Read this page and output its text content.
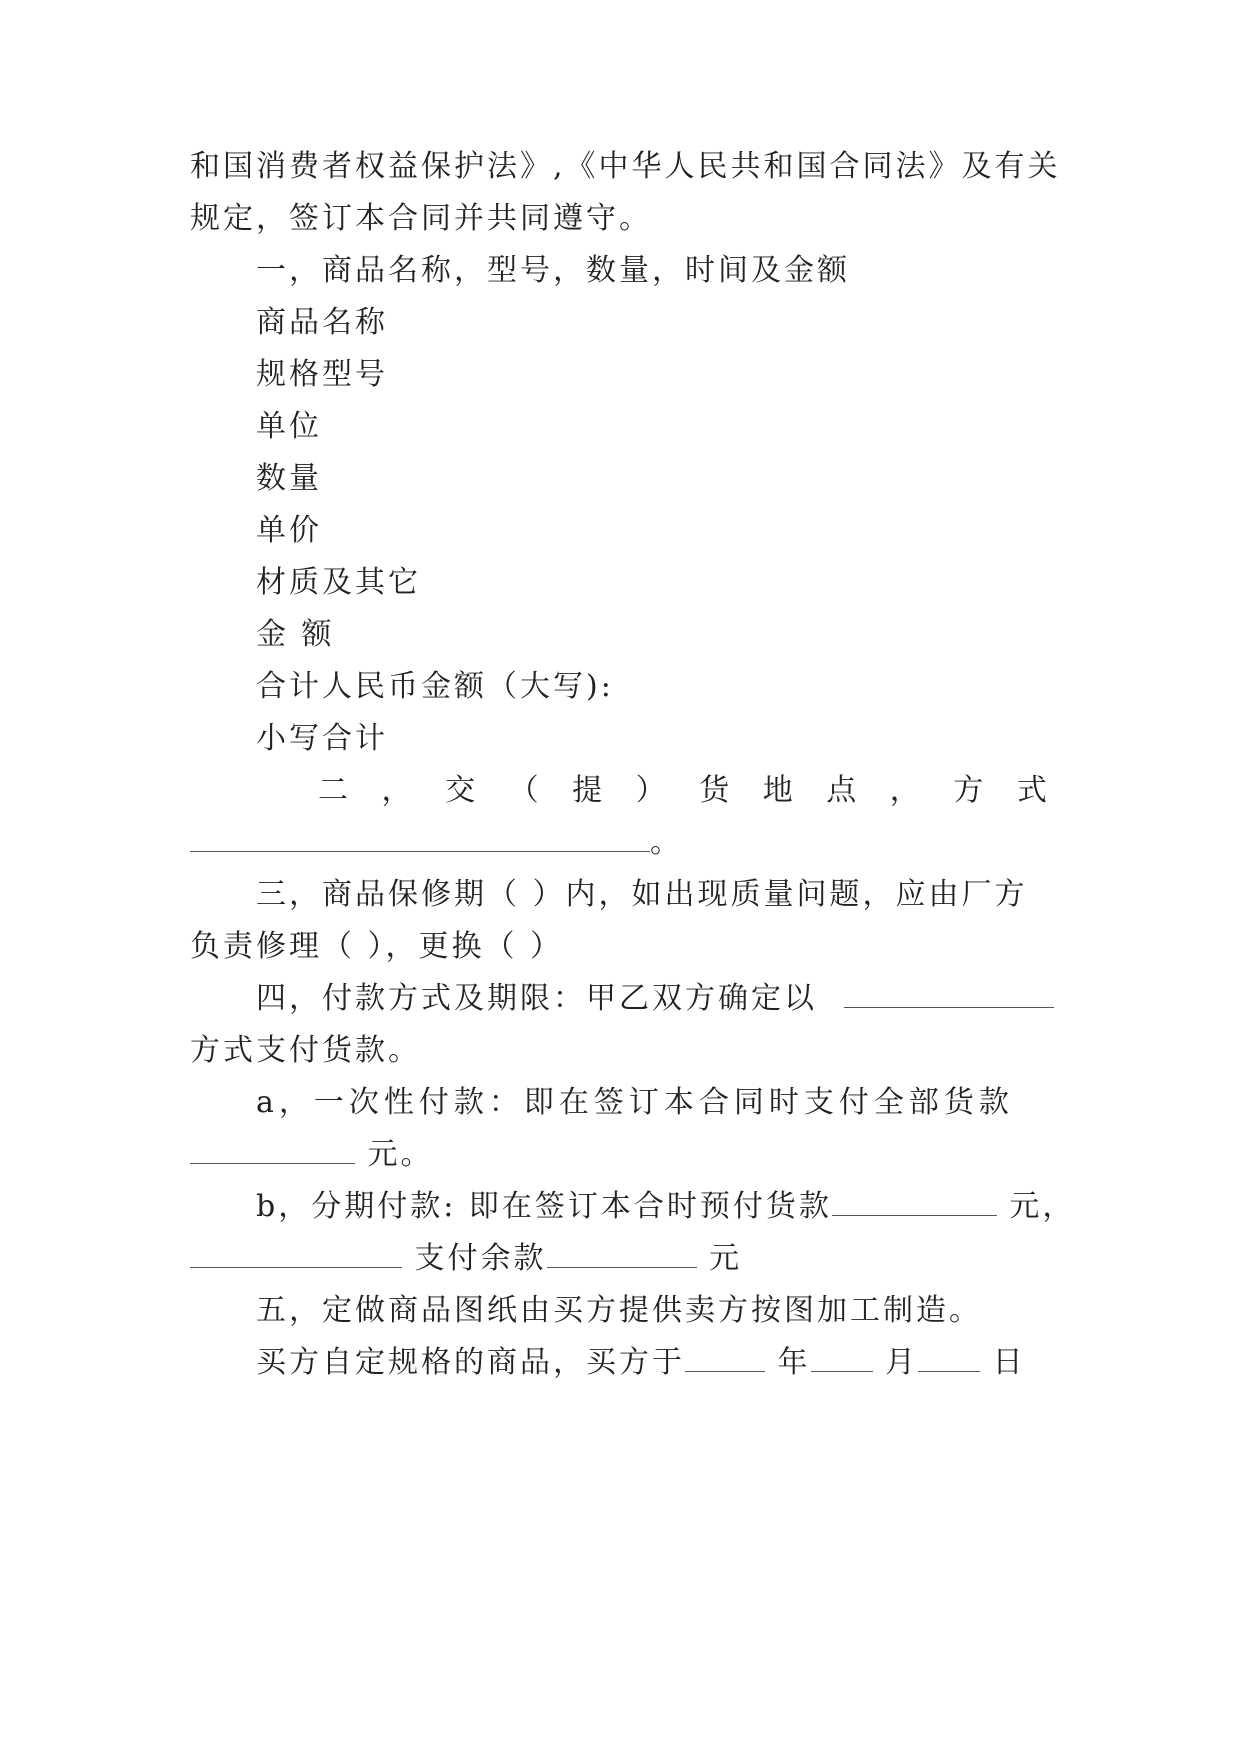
和国消费者权益保护法》,《中华人民共和国合同法》及有关
规定，签订本合同并共同遵守。
一，商品名称，型号，数量，时间及金额
商品名称
规格型号
单位
数量
单价
材质及其它
金 额
合计人民币金额（大写):
小写合计
二 ， 交 （ 提 ） 货 地 点 ， 方 式
。
三，商品保修期（ ）内，如出现质量问题，应由厂方
负责修理（ ），更换（ ）
四，付款方式及期限：甲乙双方确定以
方式支付货款。
a，一次性付款：即在签订本合同时支付全部货款
元。
b，分期付款: 即在签订本合时预付货款	元，
支付余款	元
五，定做商品图纸由买方提供卖方按图加工制造。
买方自定规格的商品，买方于	年 月 日
